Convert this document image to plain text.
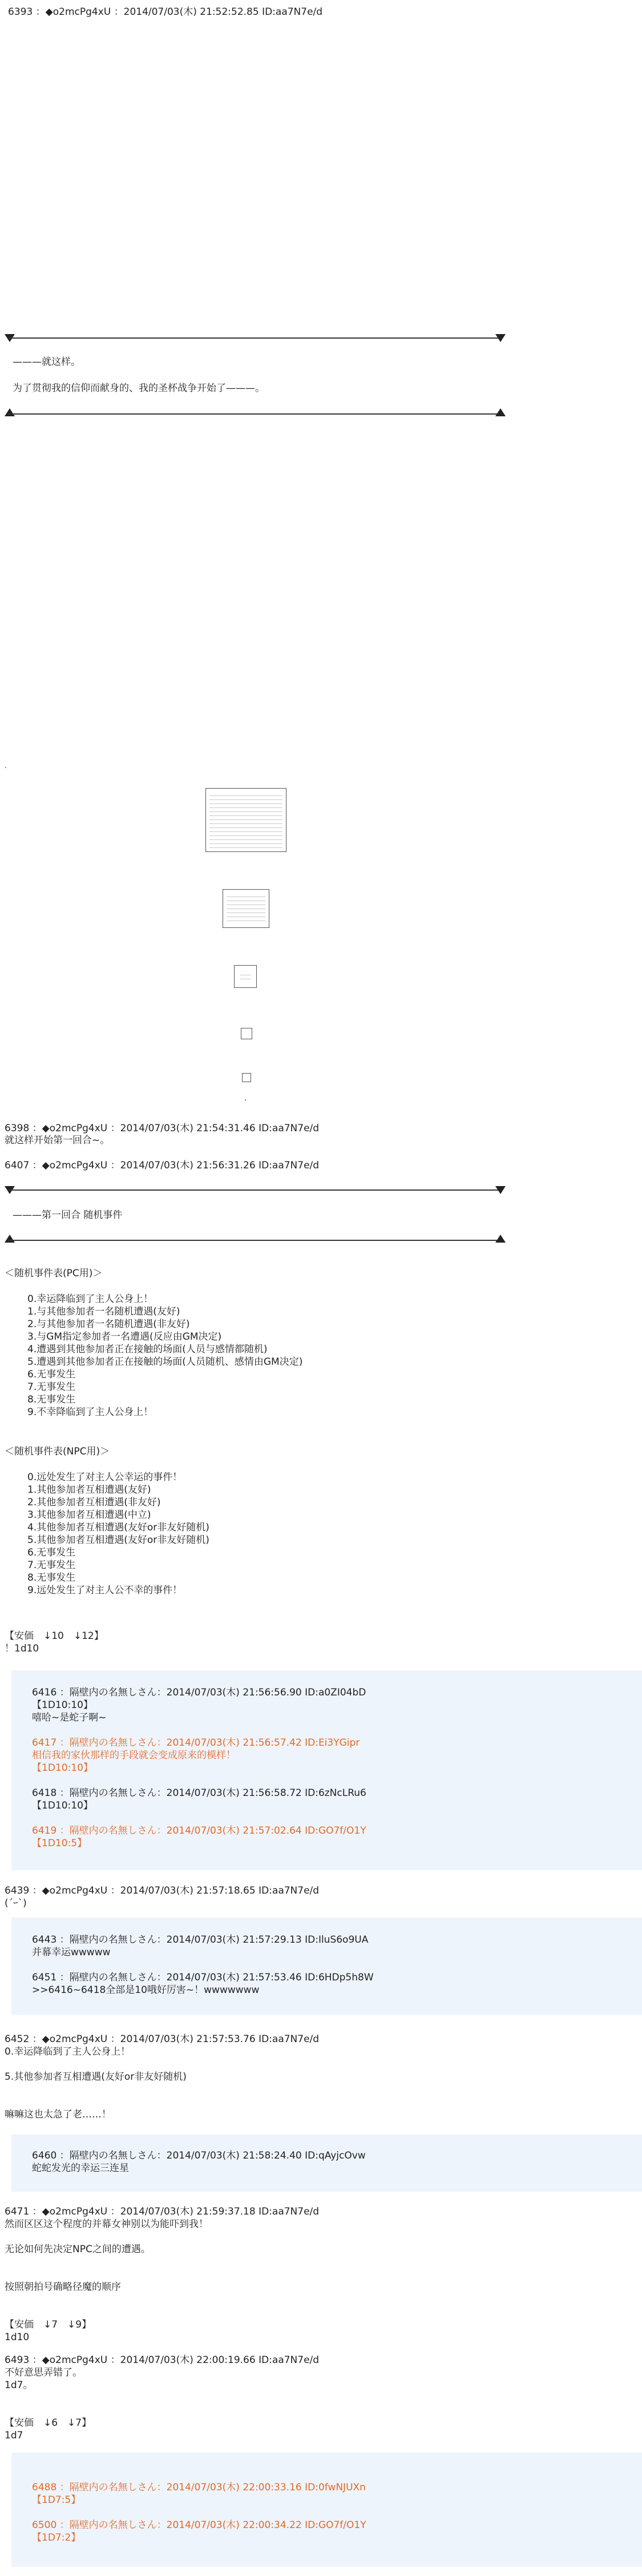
6393 ：◆o2mcPg4xU ：2014/07/03(木) 21:52:52.85 ID:aa7N7e/d
———就这样。
为了贯彻我的信仰而献身的、我的圣杯战争开始了———。
.
.
6398 ：◆o2mcPg4xU ：2014/07/03(木) 21:54:31.46 ID:aa7N7e/d
就这样开始第一回合~。
6407 ：◆o2mcPg4xU ：2014/07/03(木) 21:56:31.26 ID:aa7N7e/d
———第一回合 随机事件
＜随机事件表(PC用)＞
0.幸运降临到了主人公身上！
1.与其他参加者一名随机遭遇(友好)
2.与其他参加者一名随机遭遇(非友好)
3.与GM指定参加者一名遭遇(反应由GM决定)
4.遭遇到其他参加者正在接触的场面(人员与感情都随机)
5.遭遇到其他参加者正在接触的场面(人员随机、感情由GM决定)
6.无事发生
7.无事发生
8.无事发生
9.不幸降临到了主人公身上！
＜随机事件表(NPC用)＞
0.远处发生了对主人公幸运的事件！
1.其他参加者互相遭遇(友好)
2.其他参加者互相遭遇(非友好)
3.其他参加者互相遭遇(中立)
4.其他参加者互相遭遇(友好or非友好随机)
5.其他参加者互相遭遇(友好or非友好随机)
6.无事发生
7.无事发生
8.无事发生
9.远处发生了对主人公不幸的事件！
【安価　↓10　↓12】
！1d10
6416 ：隔壁内の名無しさん：2014/07/03(木) 21:56:56.90 ID:a0ZI04bD
【1D10:10】
嘻哈~是蛇子啊~
6417 ：隔壁内の名無しさん：2014/07/03(木) 21:56:57.42 ID:Ei3YGipr
相信我的家伙那样的手段就会变成原来的模样！
【1D10:10】
6418 ：隔壁内の名無しさん：2014/07/03(木) 21:56:58.72 ID:6zNcLRu6
【1D10:10】
6419 ：隔壁内の名無しさん：2014/07/03(木) 21:57:02.64 ID:GO7f/O1Y
【1D10:5】
6439 ：◆o2mcPg4xU ：2014/07/03(木) 21:57:18.65 ID:aa7N7e/d
(´ｰ`)
6443 ：隔壁内の名無しさん：2014/07/03(木) 21:57:29.13 ID:IluS6o9UA
并幕幸运wwwww
6451 ：隔壁内の名無しさん：2014/07/03(木) 21:57:53.46 ID:6HDp5h8W
>>6416~6418全部是10哦好厉害~！wwwwwww
6452 ：◆o2mcPg4xU ：2014/07/03(木) 21:57:53.76 ID:aa7N7e/d
0.幸运降临到了主人公身上！

5.其他参加者互相遭遇(友好or非友好随机)

嘛嘛这也太急了老……！
6460 ：隔壁内の名無しさん：2014/07/03(木) 21:58:24.40 ID:qAyjcOvw
蛇蛇发光的幸运三连星
6471 ：◆o2mcPg4xU ：2014/07/03(木) 21:59:37.18 ID:aa7N7e/d
然而区区这个程度的并幕女神别以为能吓到我！

无论如何先决定NPC之间的遭遇。

按照朝拍号确略径魔的顺序

【安価　↓7　↓9】
1d10
6493 ：◆o2mcPg4xU ：2014/07/03(木) 22:00:19.66 ID:aa7N7e/d
不好意思弄错了。
1d7。

【安価　↓6　↓7】
1d7
6488 ：隔壁内の名無しさん：2014/07/03(木) 22:00:33.16 ID:0fwNJUXn
【1D7:5】
6500 ：隔壁内の名無しさん：2014/07/03(木) 22:00:34.22 ID:GO7f/O1Y
【1D7:2】
